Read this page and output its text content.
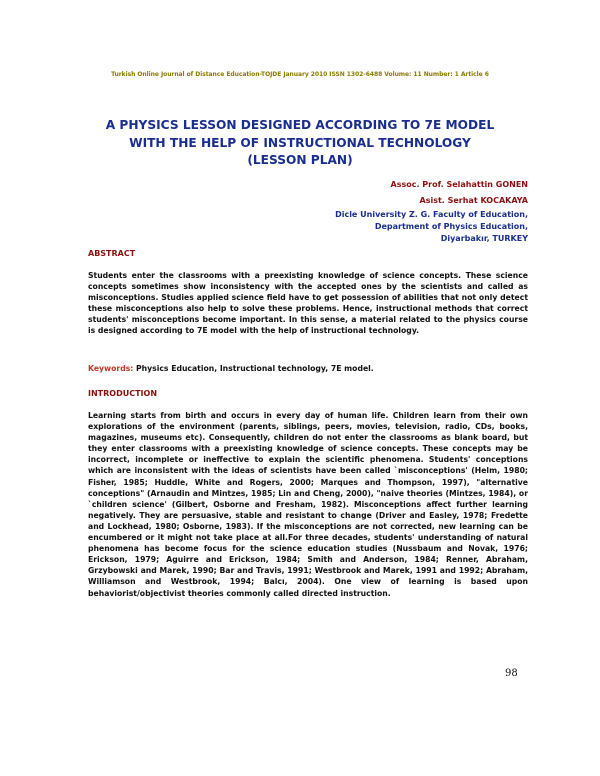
Turkish Online Journal of Distance Education-TOJDE January 2010 ISSN 1302-6488 Volume: 11 Number: 1 Article 6
A PHYSICS LESSON DESIGNED ACCORDING TO 7E MODEL
WITH THE HELP OF INSTRUCTIONAL TECHNOLOGY
(LESSON PLAN)
Assoc. Prof. Selahattin GONEN
Asist. Serhat KOCAKAYA
Dicle University Z. G. Faculty of Education,
Department of Physics Education,
Diyarbakır, TURKEY
ABSTRACT
Students enter the classrooms with a preexisting knowledge of science concepts. These science concepts sometimes show inconsistency with the accepted ones by the scientists and called as misconceptions. Studies applied science field have to get possession of abilities that not only detect these misconceptions also help to solve these problems. Hence, instructional methods that correct students' misconceptions become important. In this sense, a material related to the physics course is designed according to 7E model with the help of instructional technology.
Keywords: Physics Education, Instructional technology, 7E model.
INTRODUCTION
Learning starts from birth and occurs in every day of human life. Children learn from their own explorations of the environment (parents, siblings, peers, movies, television, radio, CDs, books, magazines, museums etc). Consequently, children do not enter the classrooms as blank board, but they enter classrooms with a preexisting knowledge of science concepts. These concepts may be incorrect, incomplete or ineffective to explain the scientific phenomena. Students' conceptions which are inconsistent with the ideas of scientists have been called `misconceptions' (Helm, 1980; Fisher, 1985; Huddle, White and Rogers, 2000; Marques and Thompson, 1997), "alternative conceptions" (Arnaudin and Mintzes, 1985; Lin and Cheng, 2000), "naive theories (Mintzes, 1984), or `children science' (Gilbert, Osborne and Fresham, 1982). Misconceptions affect further learning negatively. They are persuasive, stable and resistant to change (Driver and Easley, 1978; Fredette and Lockhead, 1980; Osborne, 1983). If the misconceptions are not corrected, new learning can be encumbered or it might not take place at all.For three decades, students' understanding of natural phenomena has become focus for the science education studies (Nussbaum and Novak, 1976; Erickson, 1979; Aguirre and Erickson, 1984; Smith and Anderson, 1984; Renner, Abraham, Grzybowski and Marek, 1990; Bar and Travis, 1991; Westbrook and Marek, 1991 and 1992; Abraham, Williamson and Westbrook, 1994; Balcı, 2004). One view of learning is based upon behaviorist/objectivist theories commonly called directed instruction.
98
